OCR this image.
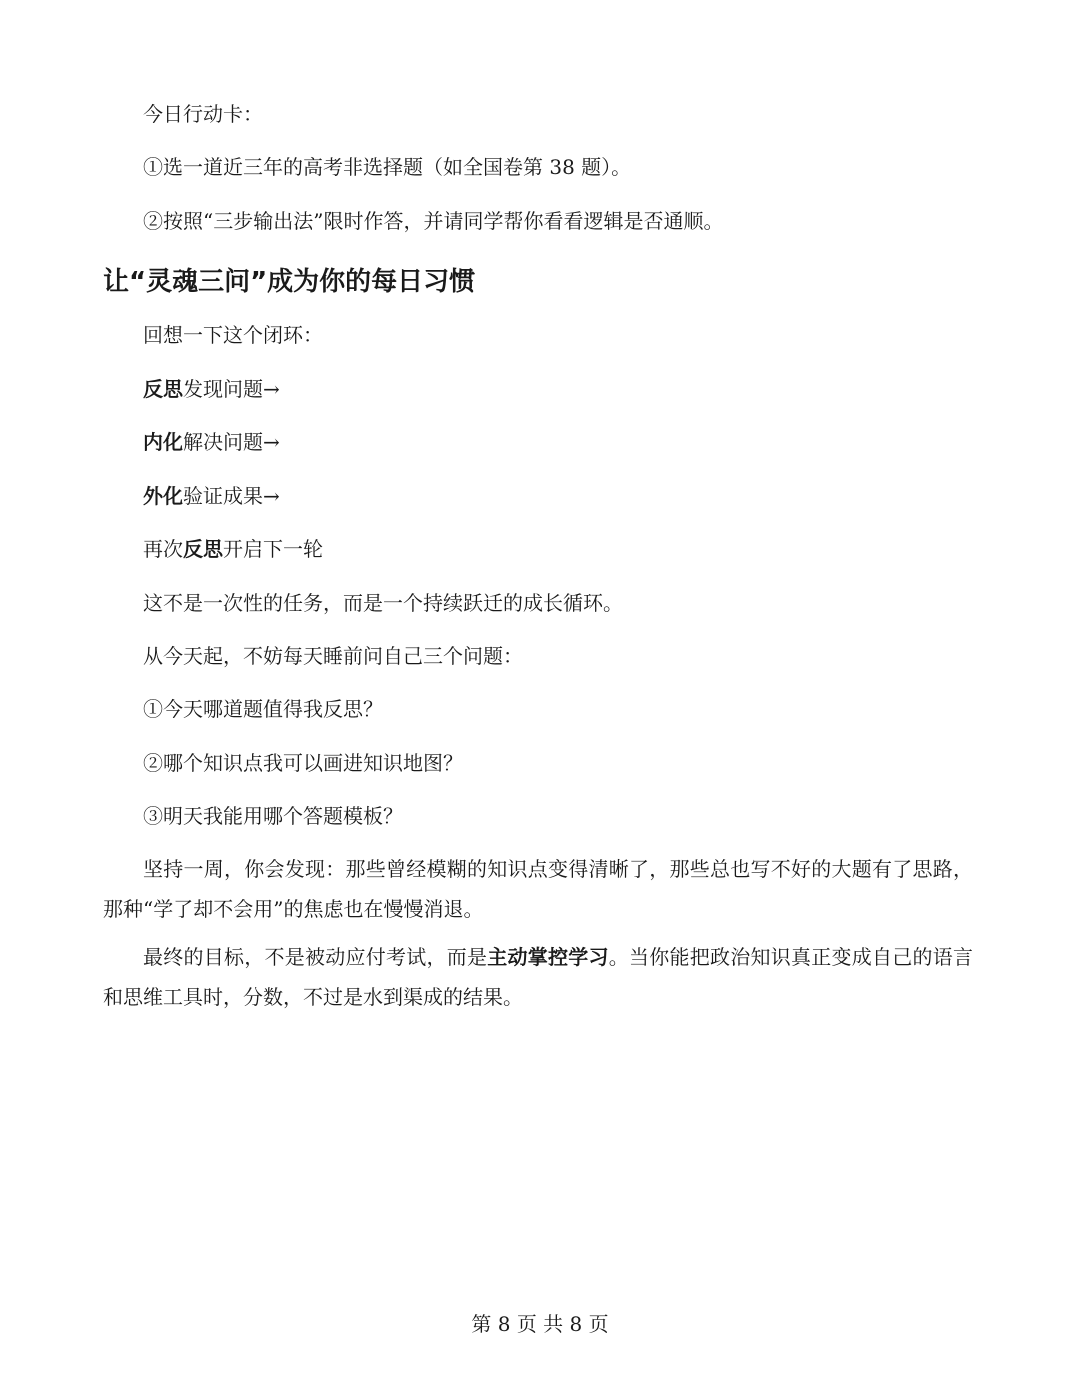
今日行动卡：
①选一道近三年的高考非选择题（如全国卷第 38 题）。
②按照“三步输出法”限时作答，并请同学帮你看看逻辑是否通顺。
让“灵魂三问”成为你的每日习惯
回想一下这个闭环：
反思发现问题→
内化解决问题→
外化验证成果→
再次反思开启下一轮
这不是一次性的任务，而是一个持续跃迁的成长循环。
从今天起，不妨每天睡前问自己三个问题：
①今天哪道题值得我反思？
②哪个知识点我可以画进知识地图？
③明天我能用哪个答题模板？
坚持一周，你会发现：那些曾经模糊的知识点变得清晰了，那些总也写不好的大题有了思路，那种“学了却不会用”的焦虑也在慢慢消退。
最终的目标，不是被动应付考试，而是主动掌控学习。当你能把政治知识真正变成自己的语言和思维工具时，分数，不过是水到渠成的结果。
第 8 页 共 8 页
